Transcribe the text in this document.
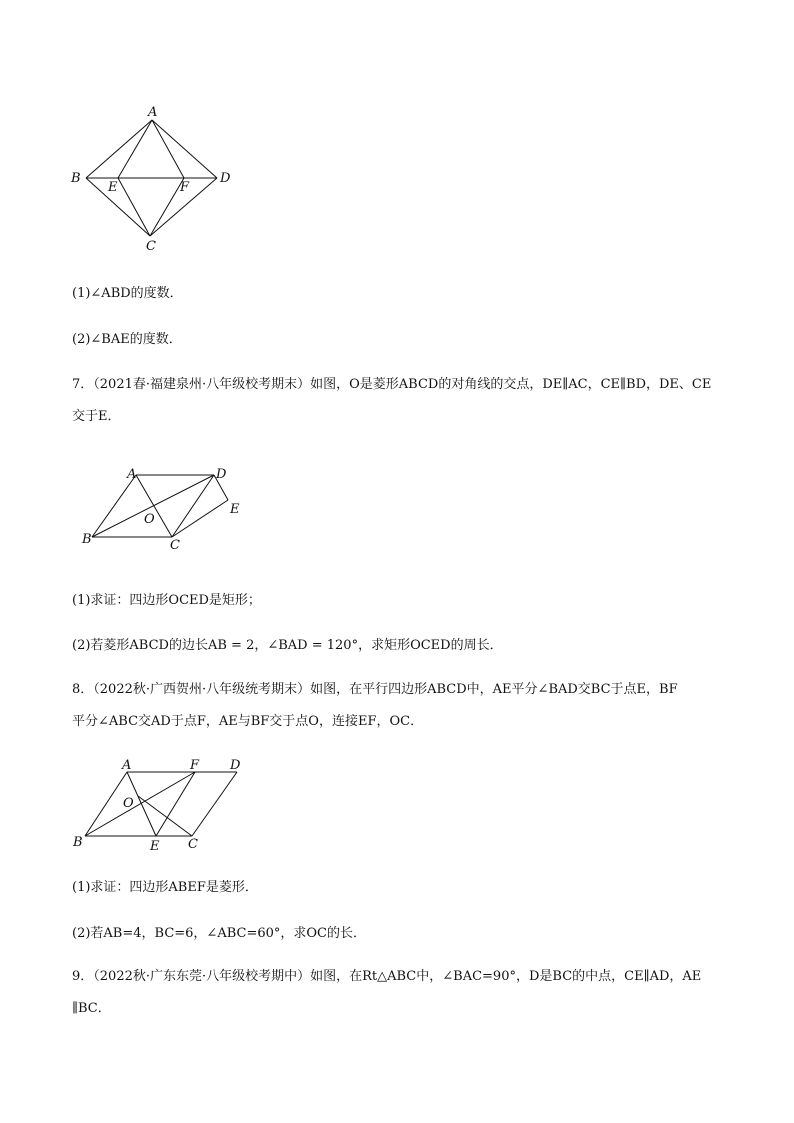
A
B
E	F
D
C
(1)∠ABD的度数．
(2)∠BAE的度数．
7．（2021春·福建泉州·八年级校考期末）如图，O是菱形ABCD的对角线的交点，DE∥AC，CE∥BD，DE、CE
交于E．
A	D
E
O
B	C
(1)求证：四边形OCED是矩形；
(2)若菱形ABCD的边长AB = 2，∠BAD = 120°，求矩形OCED的周长．
8．（2022秋·广西贺州·八年级统考期末）如图，在平行四边形ABCD中，AE平分∠BAD交BC于点E，BF
平分∠ABC交AD于点F，AE与BF交于点O，连接EF，OC．
A	F D
O
B	E C
(1)求证：四边形ABEF是菱形．
(2)若AB=4，BC=6，∠ABC=60°，求OC的长．
9．（2022秋·广东东莞·八年级校考期中）如图，在Rt△ABC中，∠BAC=90°，D是BC的中点，CE∥AD，AE
∥BC．
